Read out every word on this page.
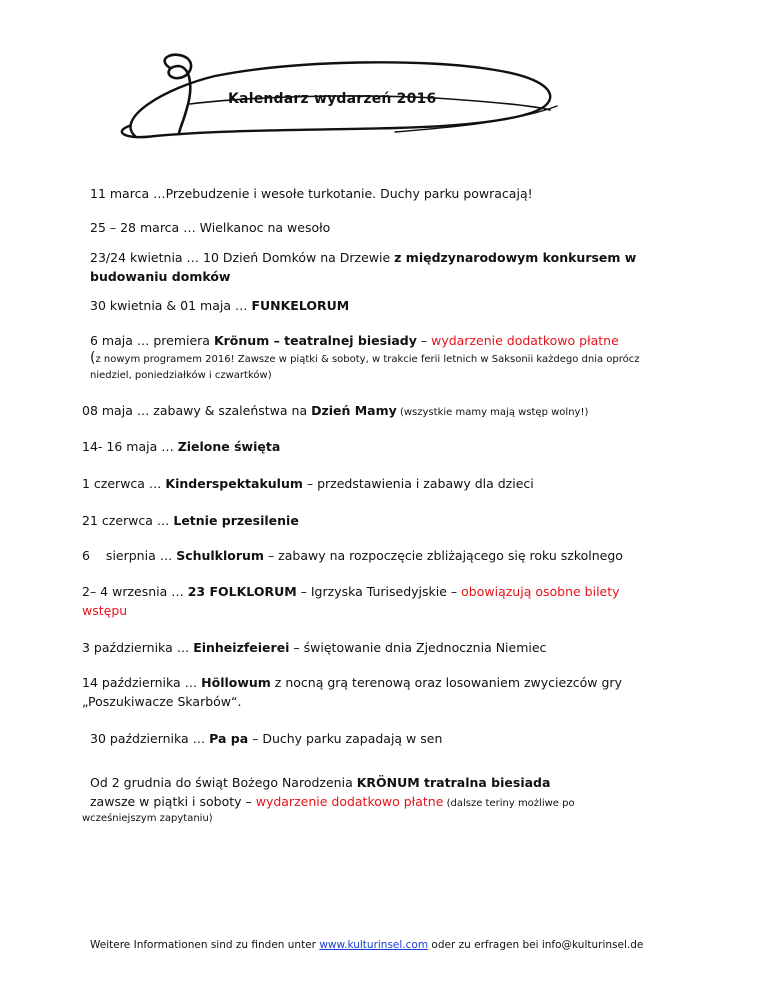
Kalendarz wydarzeń 2016
11 marca …Przebudzenie i wesołe turkotanie. Duchy parku powracają!
25 – 28 marca … Wielkanoc na wesoło
23/24 kwietnia … 10 Dzień Domków na Drzewie z międzynarodowym konkursem w
budowaniu domków
30 kwietnia & 01 maja … FUNKELORUM
6 maja … premiera Krönum – teatralnej biesiady – wydarzenie dodatkowo płatne
(z nowym programem 2016! Zawsze w piątki & soboty, w trakcie ferii letnich w Saksonii każdego dnia oprócz
niedziel, poniedziałków i czwartków)
08 maja … zabawy & szaleństwa na Dzień Mamy (wszystkie mamy mają wstęp wolny!)
14- 16 maja … Zielone święta
1 czerwca … Kinderspektakulum – przedstawienia i zabawy dla dzieci
21 czerwca … Letnie przesilenie
6 sierpnia … Schulklorum – zabawy na rozpoczęcie zbliżającego się roku szkolnego
2– 4 wrzesnia … 23 FOLKLORUM – Igrzyska Turisedyjskie – obowiązują osobne bilety
wstępu
3 października … Einheizfeierei – świętowanie dnia Zjednocznia Niemiec
14 października … Höllowum z nocną grą terenową oraz losowaniem zwyciezców gry
„Poszukiwacze Skarbów“.
30 października … Pa pa – Duchy parku zapadają w sen
Od 2 grudnia do świąt Bożego Narodzenia KRÖNUM tratralna biesiada
zawsze w piątki i soboty – wydarzenie dodatkowo płatne (dalsze teriny możliwe po
wcześniejszym zapytaniu)
Weitere Informationen sind zu finden unter www.kulturinsel.com oder zu erfragen bei info@kulturinsel.de
